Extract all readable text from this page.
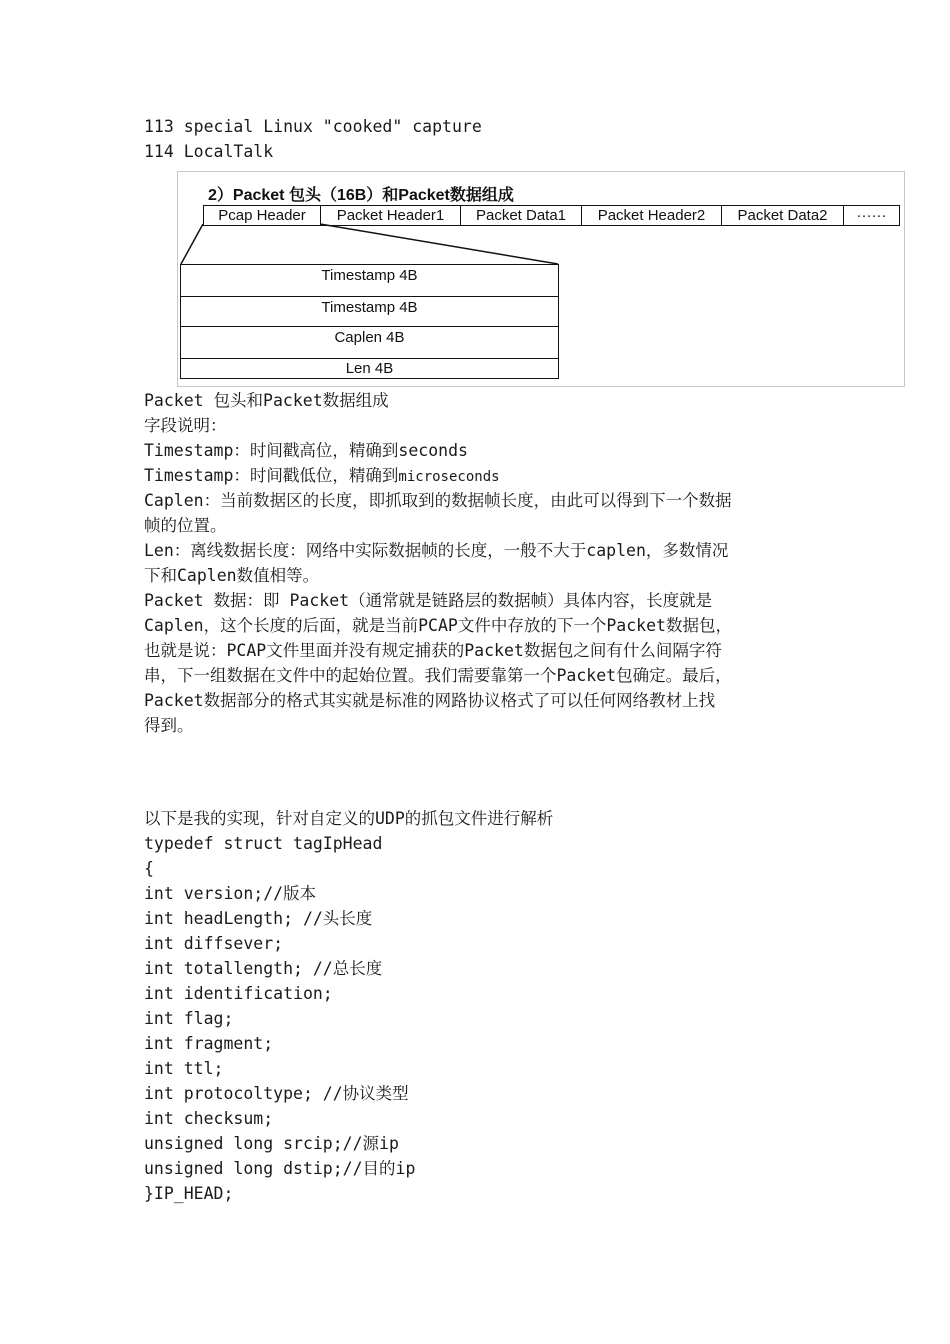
113 special Linux "cooked" capture

114 LocalTalk

2）Packet 包头（16B）和Packet数据组成
Pcap Header	Packet Header1	Packet Data1	Packet Header2	Packet Data2	······
Timestamp 4B
Timestamp 4B
Caplen 4B
Len 4B

Packet 包头和Packet数据组成

字段说明：

Timestamp：时间戳高位，精确到seconds

Timestamp：时间戳低位，精确到microseconds

Caplen：当前数据区的长度，即抓取到的数据帧长度，由此可以得到下一个数据

帧的位置。

Len：离线数据长度：网络中实际数据帧的长度，一般不大于caplen，多数情况

下和Caplen数值相等。

Packet 数据：即 Packet（通常就是链路层的数据帧）具体内容，长度就是

Caplen，这个长度的后面，就是当前PCAP文件中存放的下一个Packet数据包，

也就是说：PCAP文件里面并没有规定捕获的Packet数据包之间有什么间隔字符

串，下一组数据在文件中的起始位置。我们需要靠第一个Packet包确定。最后，

Packet数据部分的格式其实就是标准的网路协议格式了可以任何网络教材上找

得到。

以下是我的实现，针对自定义的UDP的抓包文件进行解析

typedef struct tagIpHead

{

int version;//版本

int headLength; //头长度

int diffsever;

int totallength; //总长度

int identification;

int flag;

int fragment;

int ttl;

int protocoltype; //协议类型

int checksum;

unsigned long srcip;//源ip

unsigned long dstip;//目的ip

}IP_HEAD;
